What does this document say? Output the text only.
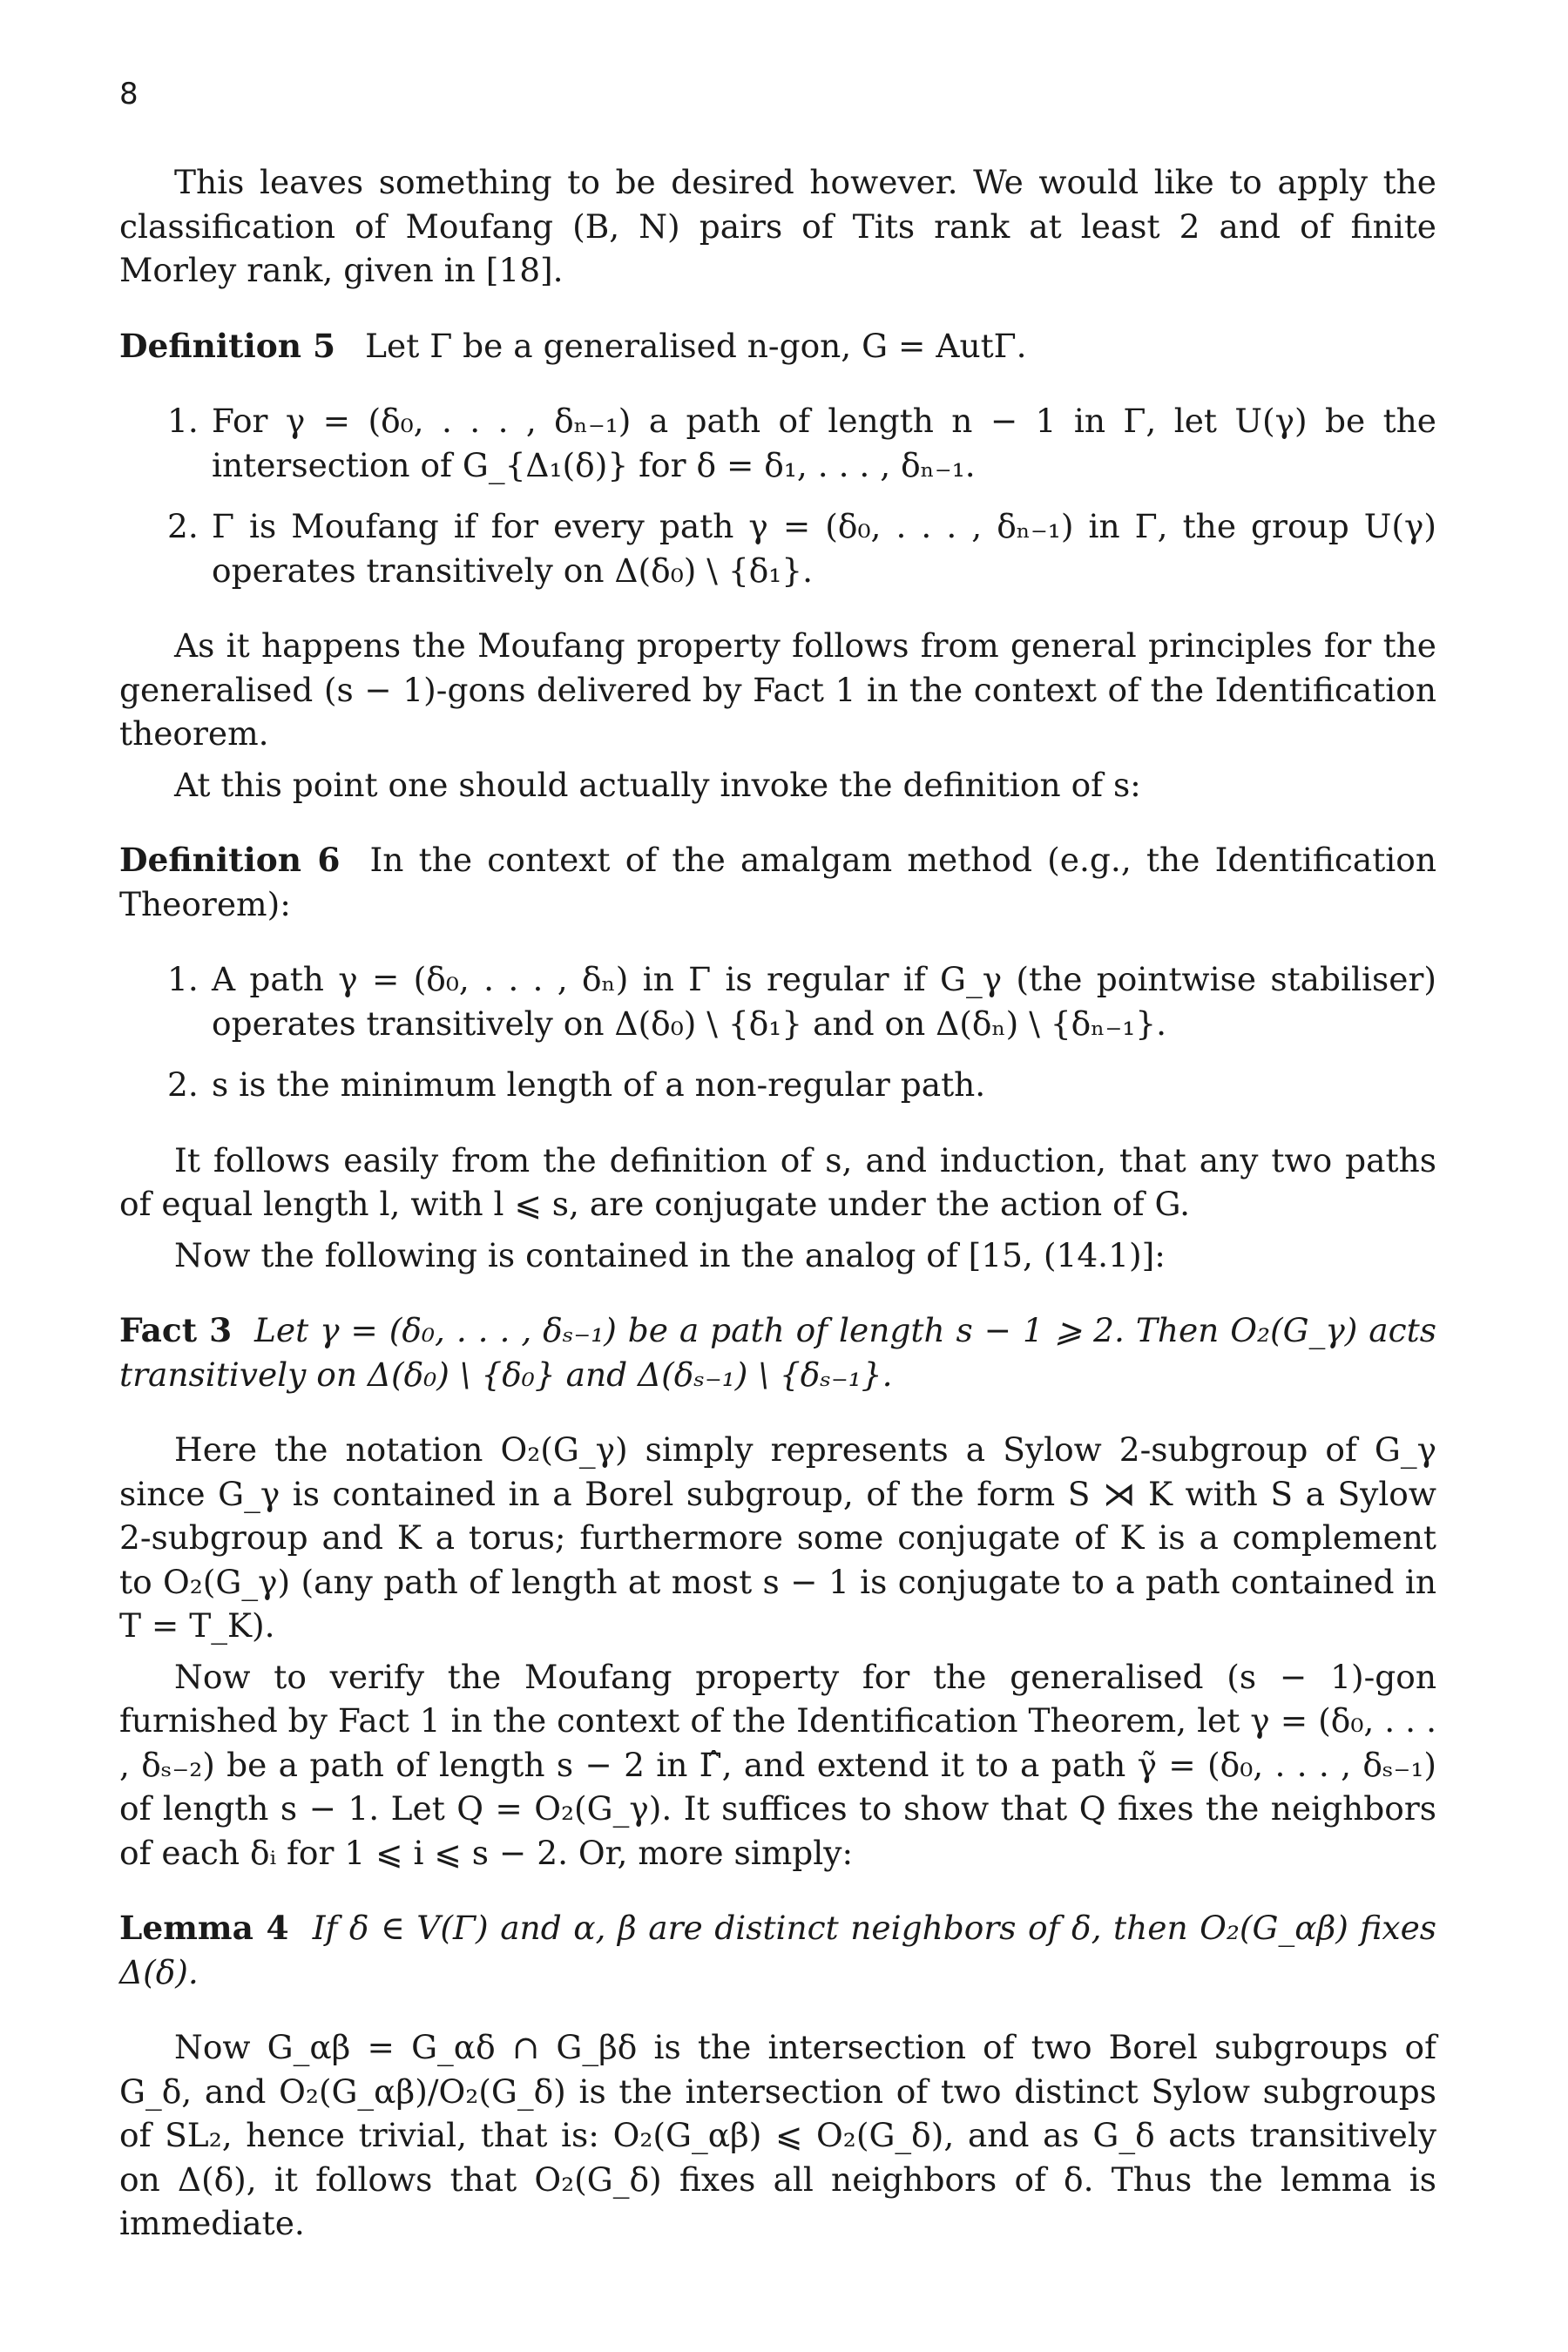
8

This leaves something to be desired however. We would like to apply the classification of Moufang (B, N) pairs of Tits rank at least 2 and of finite Morley rank, given in [18].

Definition 5 Let Γ be a generalised n-gon, G = AutΓ.

1. For γ = (δ₀, . . . , δₙ₋₁) a path of length n − 1 in Γ, let U(γ) be the intersection of G_{Δ₁(δ)} for δ = δ₁, . . . , δₙ₋₁.
2. Γ is Moufang if for every path γ = (δ₀, . . . , δₙ₋₁) in Γ, the group U(γ) operates transitively on Δ(δ₀) \ {δ₁}.

As it happens the Moufang property follows from general principles for the generalised (s − 1)-gons delivered by Fact 1 in the context of the Identification theorem.

At this point one should actually invoke the definition of s:

Definition 6 In the context of the amalgam method (e.g., the Identification Theorem):

1. A path γ = (δ₀, . . . , δₙ) in Γ is regular if G_γ (the pointwise stabiliser) operates transitively on Δ(δ₀) \ {δ₁} and on Δ(δₙ) \ {δₙ₋₁}.
2. s is the minimum length of a non-regular path.

It follows easily from the definition of s, and induction, that any two paths of equal length l, with l ⩽ s, are conjugate under the action of G.

Now the following is contained in the analog of [15, (14.1)]:

Fact 3 Let γ = (δ₀, . . . , δₛ₋₁) be a path of length s − 1 ⩾ 2. Then O₂(G_γ) acts transitively on Δ(δ₀) \ {δ₀} and Δ(δₛ₋₁) \ {δₛ₋₁}.

Here the notation O₂(G_γ) simply represents a Sylow 2-subgroup of G_γ since G_γ is contained in a Borel subgroup, of the form S ⋊ K with S a Sylow 2-subgroup and K a torus; furthermore some conjugate of K is a complement to O₂(G_γ) (any path of length at most s − 1 is conjugate to a path contained in T = T_K).

Now to verify the Moufang property for the generalised (s − 1)-gon furnished by Fact 1 in the context of the Identification Theorem, let γ = (δ₀, . . . , δₛ₋₂) be a path of length s − 2 in Γ̂, and extend it to a path γ̃ = (δ₀, . . . , δₛ₋₁) of length s − 1. Let Q = O₂(G_γ). It suffices to show that Q fixes the neighbors of each δᵢ for 1 ⩽ i ⩽ s − 2. Or, more simply:

Lemma 4 If δ ∈ V(Γ) and α, β are distinct neighbors of δ, then O₂(G_αβ) fixes Δ(δ).

Now G_αβ = G_αδ ∩ G_βδ is the intersection of two Borel subgroups of G_δ, and O₂(G_αβ)/O₂(G_δ) is the intersection of two distinct Sylow subgroups of SL₂, hence trivial, that is: O₂(G_αβ) ⩽ O₂(G_δ), and as G_δ acts transitively on Δ(δ), it follows that O₂(G_δ) fixes all neighbors of δ. Thus the lemma is immediate.
